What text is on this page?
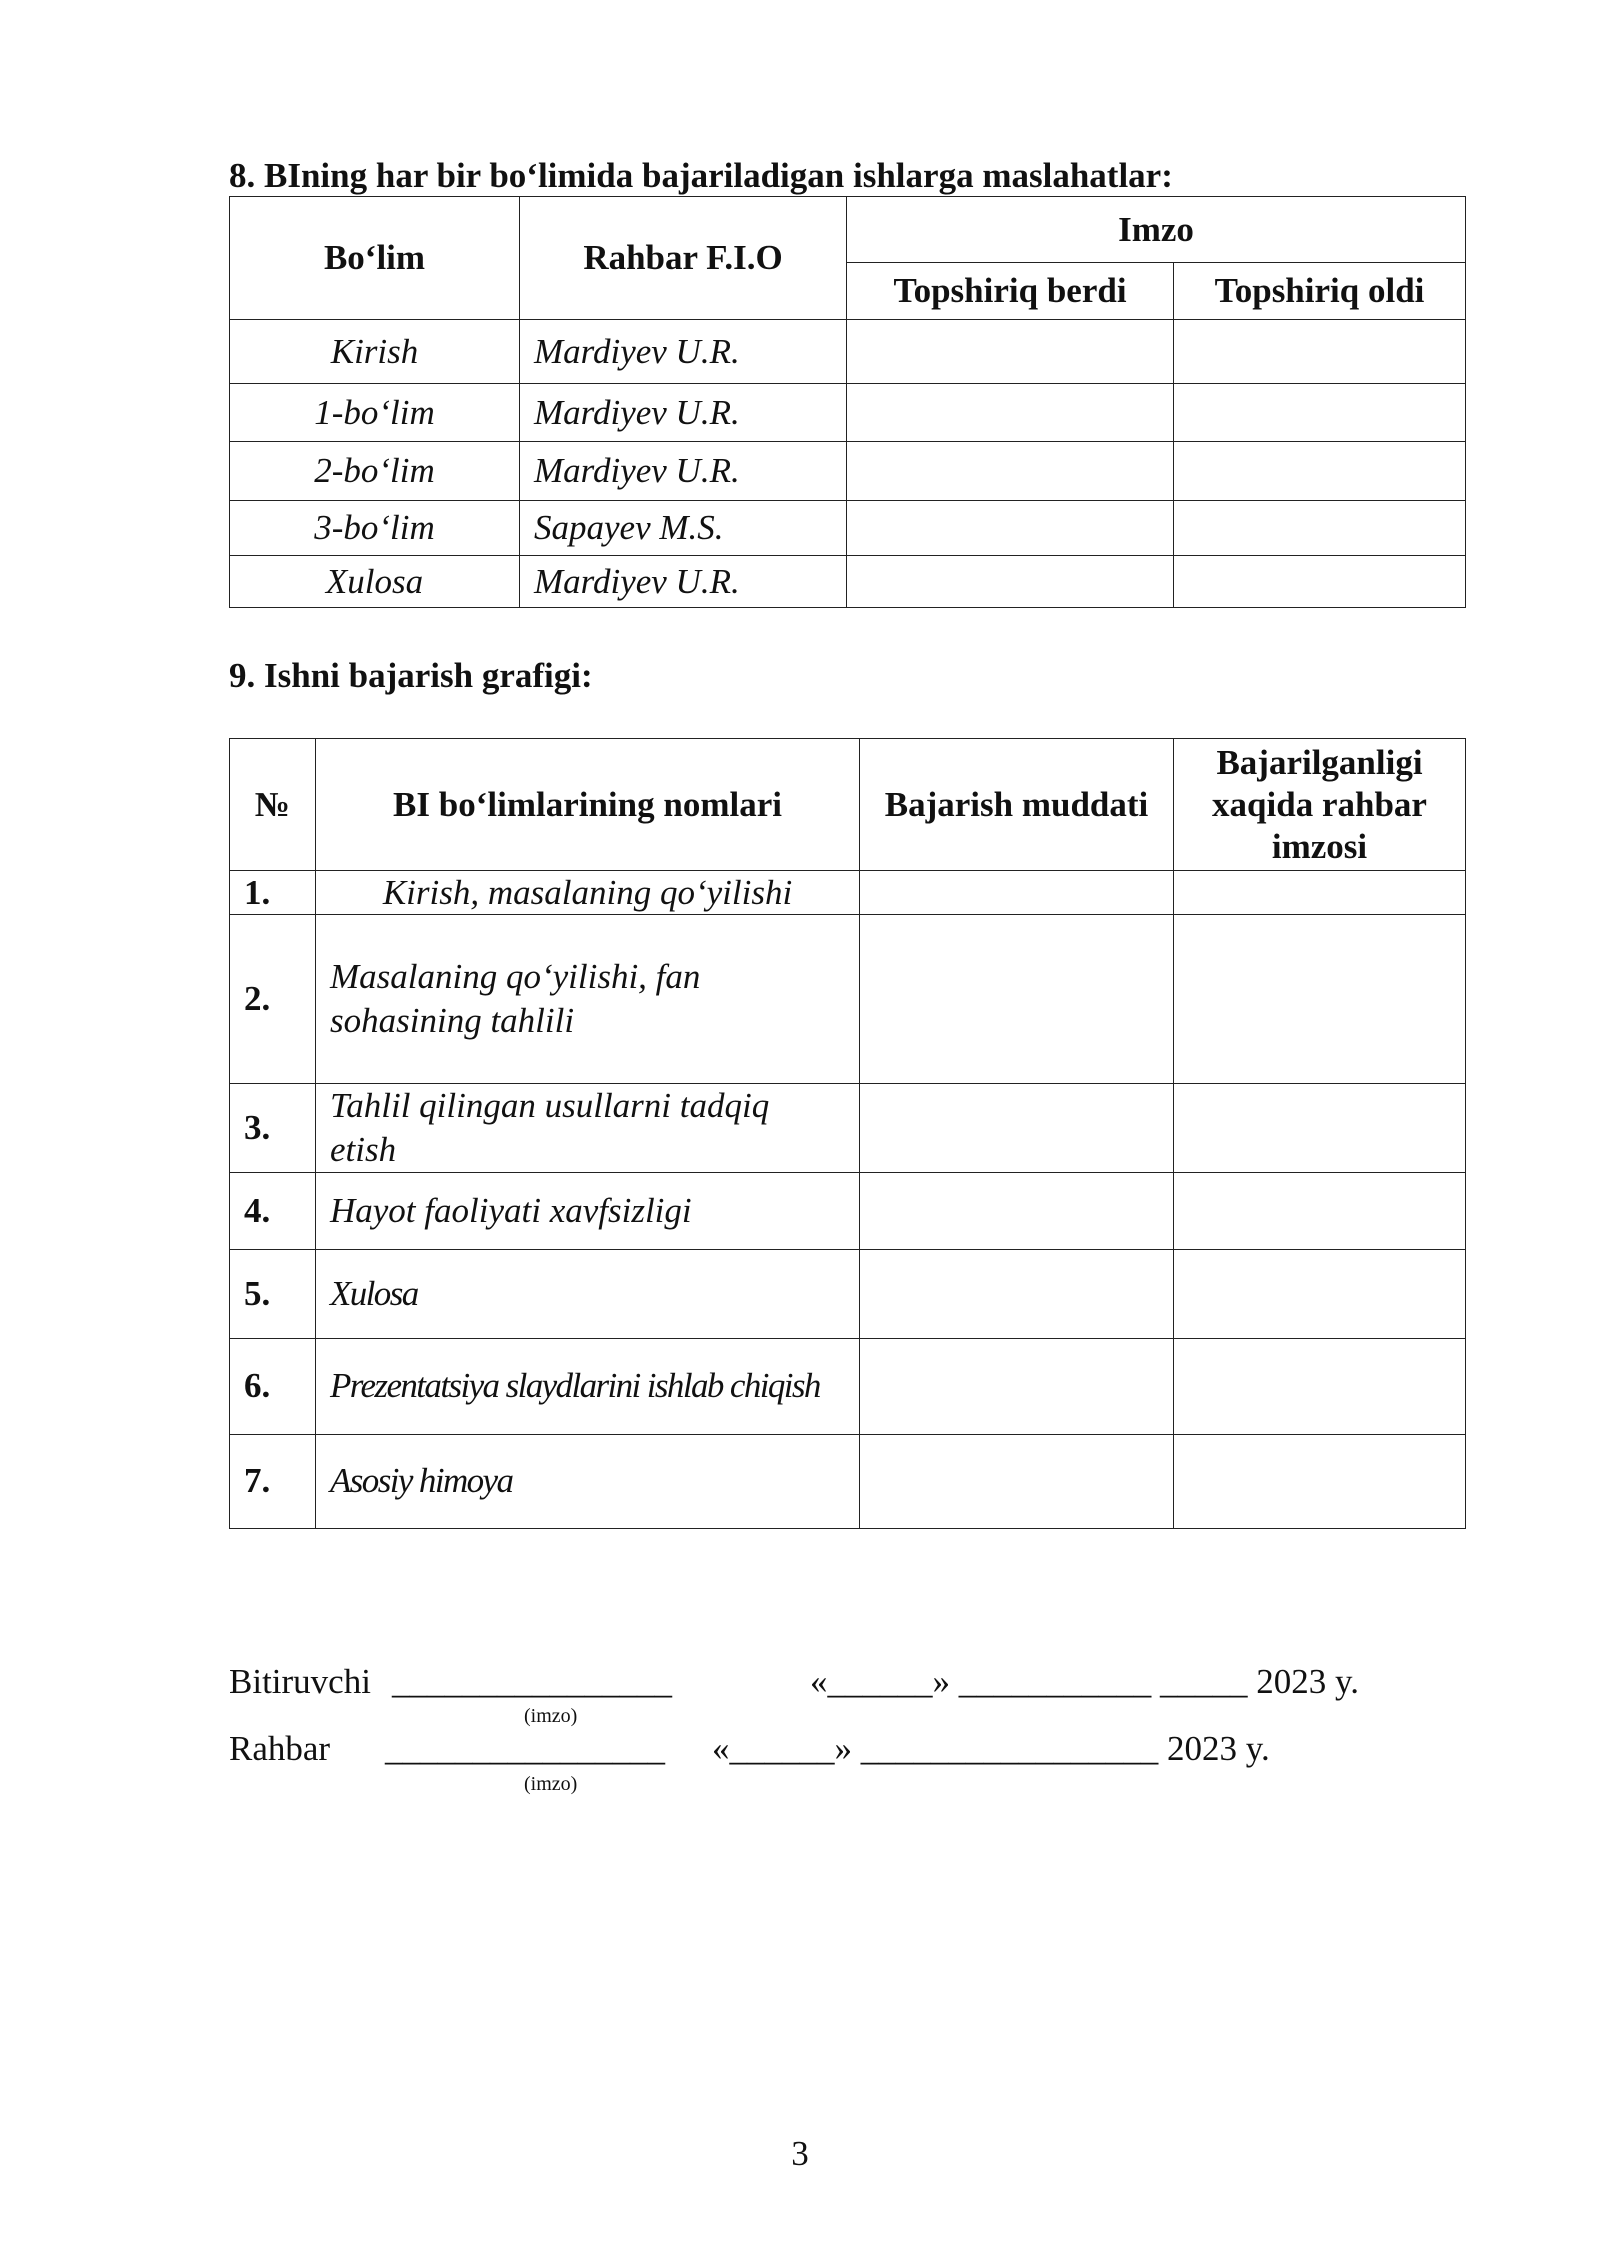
8. BIning har bir bo‘limida bajariladigan ishlarga maslahatlar:
Bo‘lim	Rahbar F.I.O	Imzo	
		Topshiriq berdi	Topshiriq oldi
Kirish	Mardiyev U.R.		
1-bo‘lim	Mardiyev U.R.		
2-bo‘lim	Mardiyev U.R.		
3-bo‘lim	Sapayev M.S.		
Xulosa	Mardiyev U.R.		
9. Ishni bajarish grafigi:
№	BI bo‘limlarining nomlari	Bajarish muddati	Bajarilganligi xaqida rahbar imzosi
1.	Kirish, masalaning qo‘yilishi		
2.	Masalaning qo‘yilishi, fan sohasining tahlili		
3.	Tahlil qilingan usullarni tadqiq etish		
4.	Hayot faoliyati xavfsizligi		
5.	Xulosa		
6.	Prezentatsiya slaydlarini ishlab chiqish		
7.	Asosiy himoya		
Bitiruvchi ________________	«______» ___________ _____ 2023 y.
(imzo)
Rahbar ________________ «______» _________________ 2023 y.
(imzo)
3
